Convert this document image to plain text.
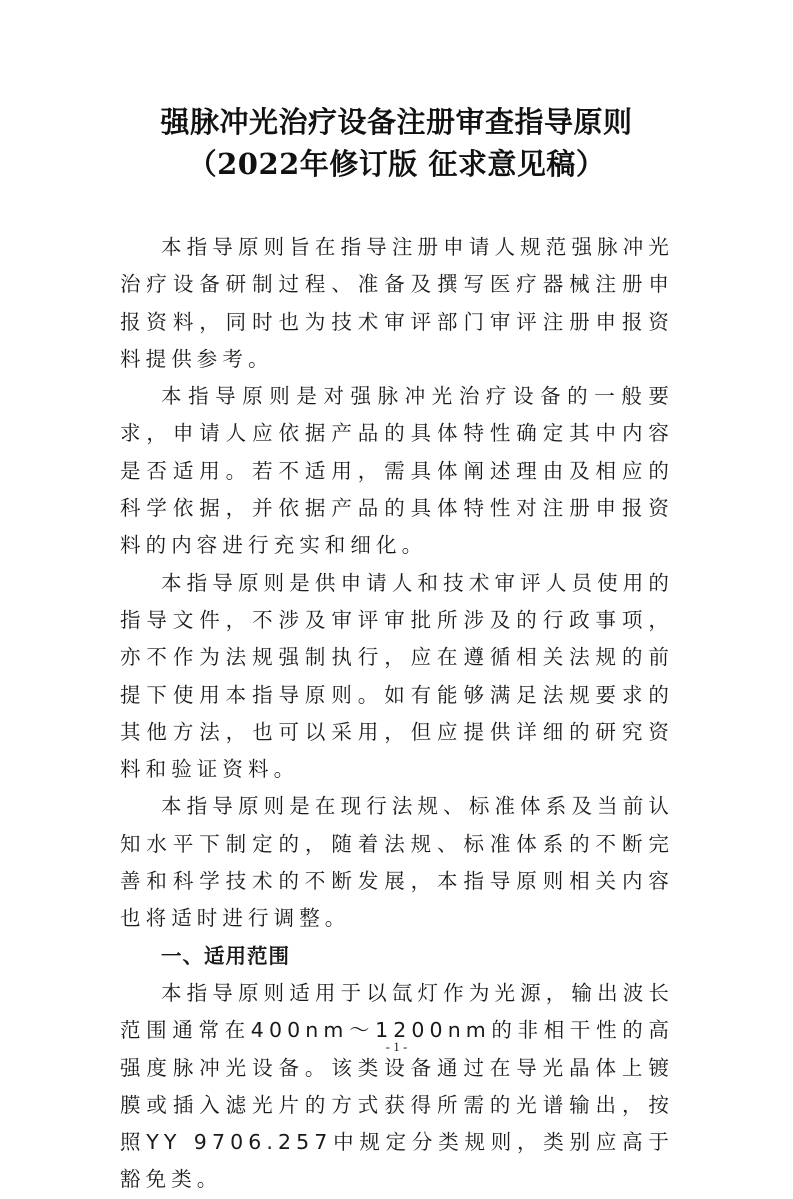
强脉冲光治疗设备注册审查指导原则
（2022年修订版 征求意见稿）

本指导原则旨在指导注册申请人规范强脉冲光治疗设备研制过程、准备及撰写医疗器械注册申报资料，同时也为技术审评部门审评注册申报资料提供参考。

本指导原则是对强脉冲光治疗设备的一般要求，申请人应依据产品的具体特性确定其中内容是否适用。若不适用，需具体阐述理由及相应的科学依据，并依据产品的具体特性对注册申报资料的内容进行充实和细化。

本指导原则是供申请人和技术审评人员使用的指导文件，不涉及审评审批所涉及的行政事项，亦不作为法规强制执行，应在遵循相关法规的前提下使用本指导原则。如有能够满足法规要求的其他方法，也可以采用，但应提供详细的研究资料和验证资料。

本指导原则是在现行法规、标准体系及当前认知水平下制定的，随着法规、标准体系的不断完善和科学技术的不断发展，本指导原则相关内容也将适时进行调整。

一、适用范围

本指导原则适用于以氙灯作为光源，输出波长范围通常在400nm～1200nm的非相干性的高强度脉冲光设备。该类设备通过在导光晶体上镀膜或插入滤光片的方式获得所需的光谱输出，按照YY 9706.257中规定分类规则，类别应高于豁免类。

- 1 -
